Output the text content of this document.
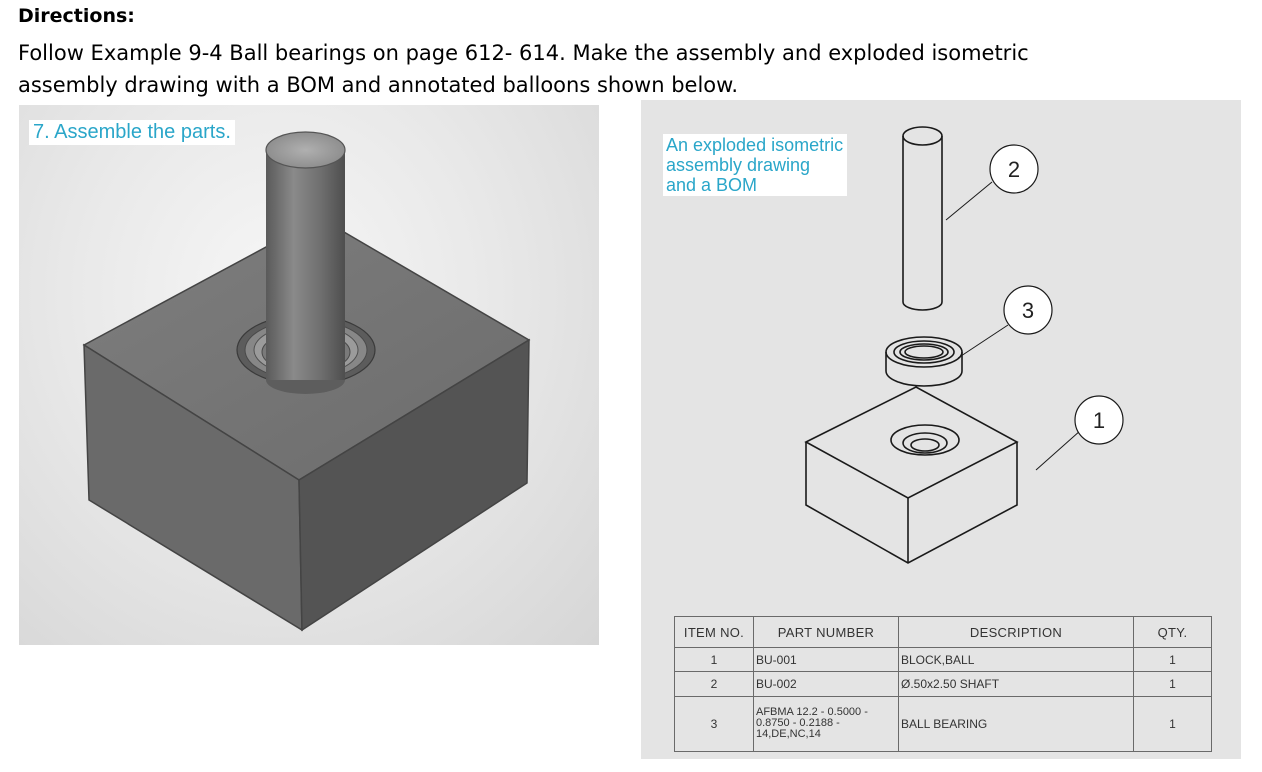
Directions:
Follow Example 9-4 Ball bearings on page 612- 614. Make the assembly and exploded isometric assembly drawing with a BOM and annotated balloons shown below.
7. Assemble the parts.
2
3
1
An exploded isometric assembly drawing and a BOM
ITEM NO.	PART NUMBER	DESCRIPTION	QTY.
1	BU-001	BLOCK,BALL	1
2	BU-002	Ø.50x2.50 SHAFT	1
3	AFBMA 12.2 - 0.5000 - 0.8750 - 0.2188 - 14,DE,NC,14	BALL BEARING	1
